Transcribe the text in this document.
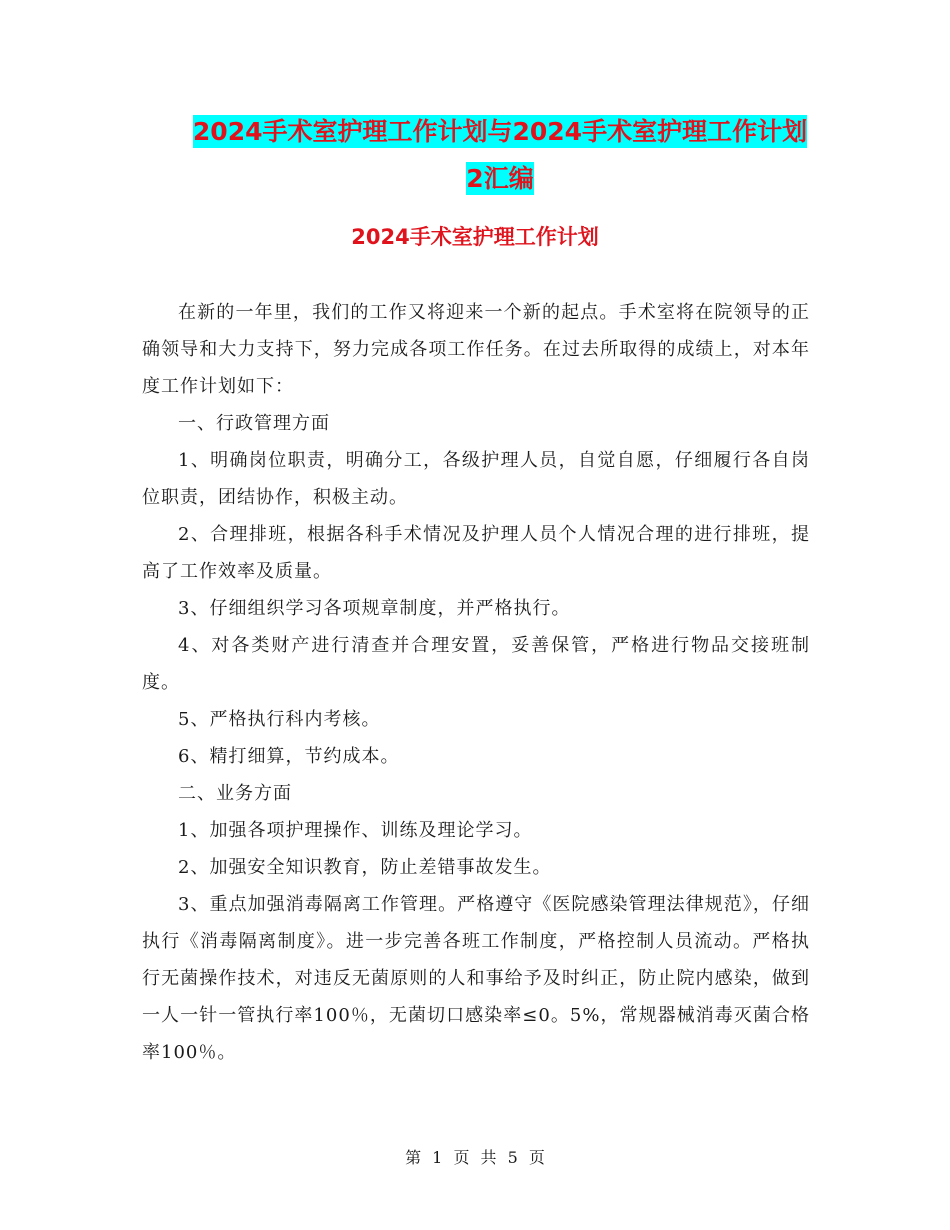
2024手术室护理工作计划与2024手术室护理工作计划
2汇编
2024手术室护理工作计划

在新的一年里，我们的工作又将迎来一个新的起点。手术室将在院领导的正确领导和大力支持下，努力完成各项工作任务。在过去所取得的成绩上，对本年度工作计划如下：

一、行政管理方面

1、明确岗位职责，明确分工，各级护理人员，自觉自愿，仔细履行各自岗位职责，团结协作，积极主动。

2、合理排班，根据各科手术情况及护理人员个人情况合理的进行排班，提高了工作效率及质量。

3、仔细组织学习各项规章制度，并严格执行。

4、对各类财产进行清查并合理安置，妥善保管，严格进行物品交接班制度。

5、严格执行科内考核。

6、精打细算，节约成本。

二、业务方面

1、加强各项护理操作、训练及理论学习。

2、加强安全知识教育，防止差错事故发生。

3、重点加强消毒隔离工作管理。严格遵守《医院感染管理法律规范》，仔细执行《消毒隔离制度》。进一步完善各班工作制度，严格控制人员流动。严格执行无菌操作技术，对违反无菌原则的人和事给予及时纠正，防止院内感染，做到一人一针一管执行率100％，无菌切口感染率≤0。5%，常规器械消毒灭菌合格率100％。

第 1 页 共 5 页
